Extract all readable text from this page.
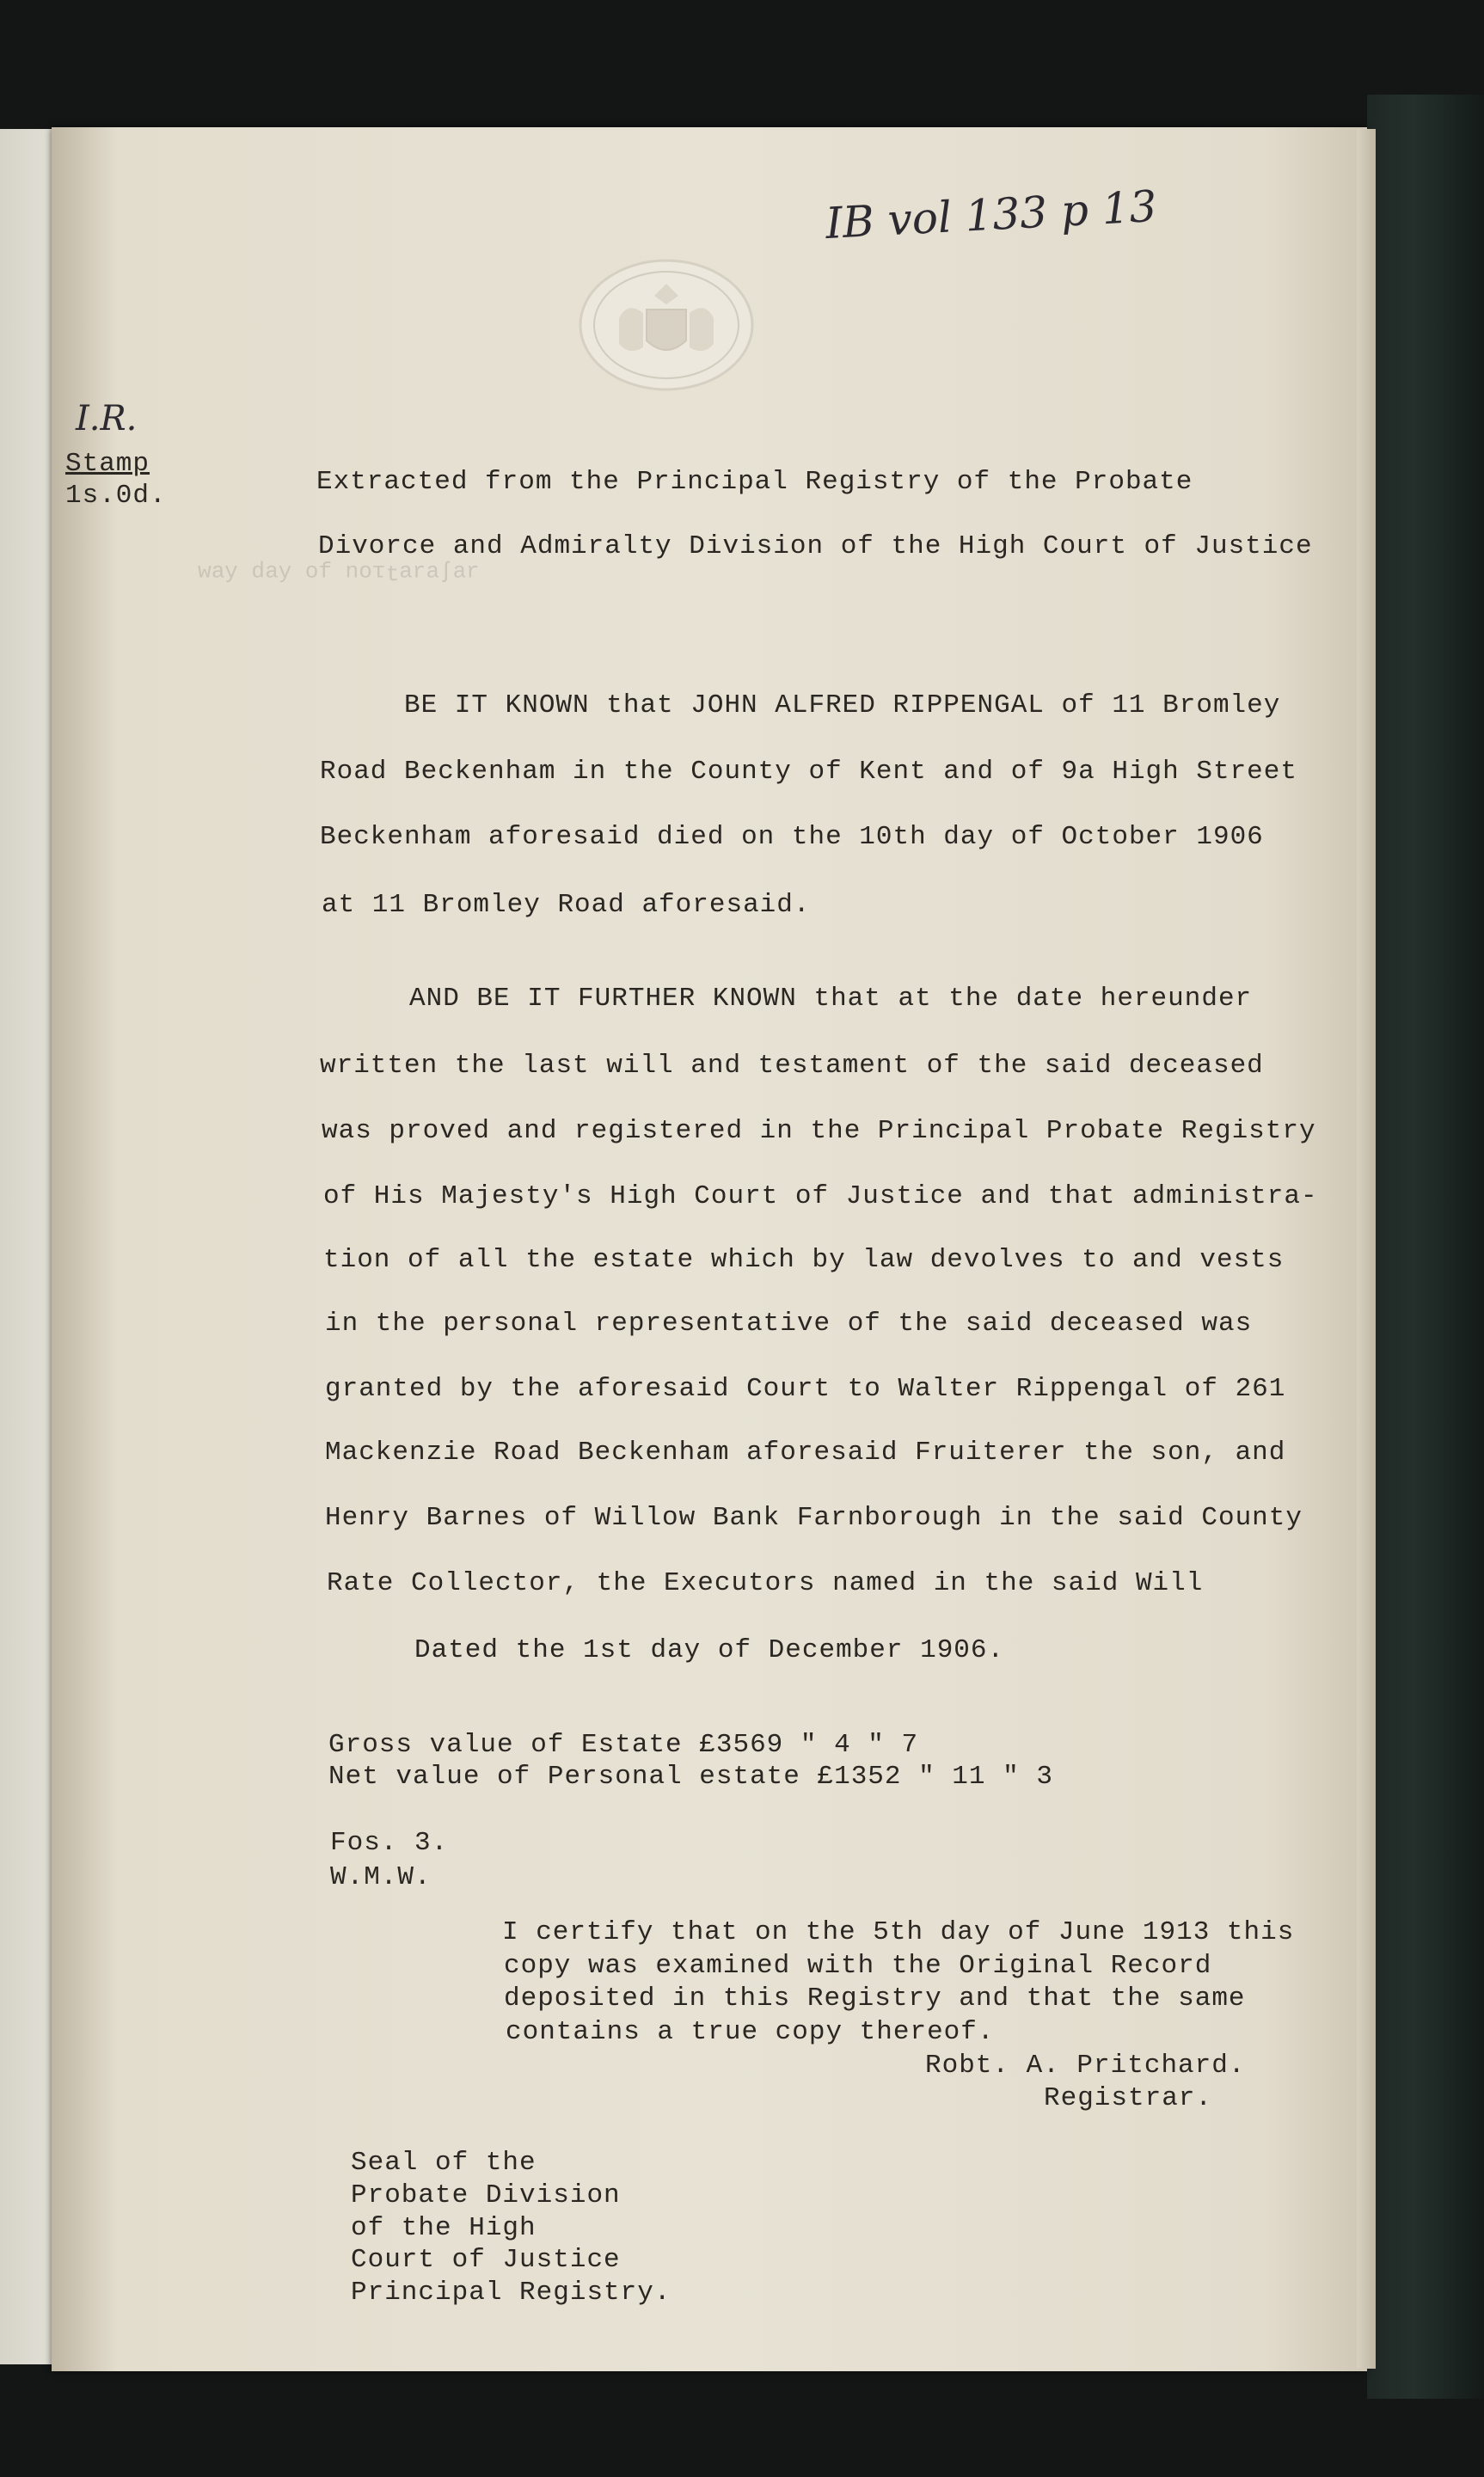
ɹɐʃɐɹɐʇıou ɟo ʎɐp ʎɐʍ
IB vol 133 p 13
I.R.
Stamp
1s.0d.	Extracted from the Principal Registry of the Probate
Divorce and Admiralty Division of the High Court of Justice
BE IT KNOWN that JOHN ALFRED RIPPENGAL of 11 Bromley
Road Beckenham in the County of Kent and of 9a High Street
Beckenham aforesaid died on the 10th day of October 1906
at 11 Bromley Road aforesaid.
AND BE IT FURTHER KNOWN that at the date hereunder
written the last will and testament of the said deceased
was proved and registered in the Principal Probate Registry
of His Majesty's High Court of Justice and that administra-
tion of all the estate which by law devolves to and vests
in the personal representative of the said deceased was
granted by the aforesaid Court to Walter Rippengal of 261
Mackenzie Road Beckenham aforesaid Fruiterer the son, and
Henry Barnes of Willow Bank Farnborough in the said County
Rate Collector, the Executors named in the said Will
Dated the 1st day of December 1906.
Gross value of Estate £3569 " 4 " 7
Net value of Personal estate £1352 " 11 " 3
Fos. 3.
W.M.W.
I certify that on the 5th day of June 1913 this
copy was examined with the Original Record
deposited in this Registry and that the same
contains a true copy thereof.
Robt. A. Pritchard.
Registrar.
Seal of the
Probate Division
of the High
Court of Justice
Principal Registry.
